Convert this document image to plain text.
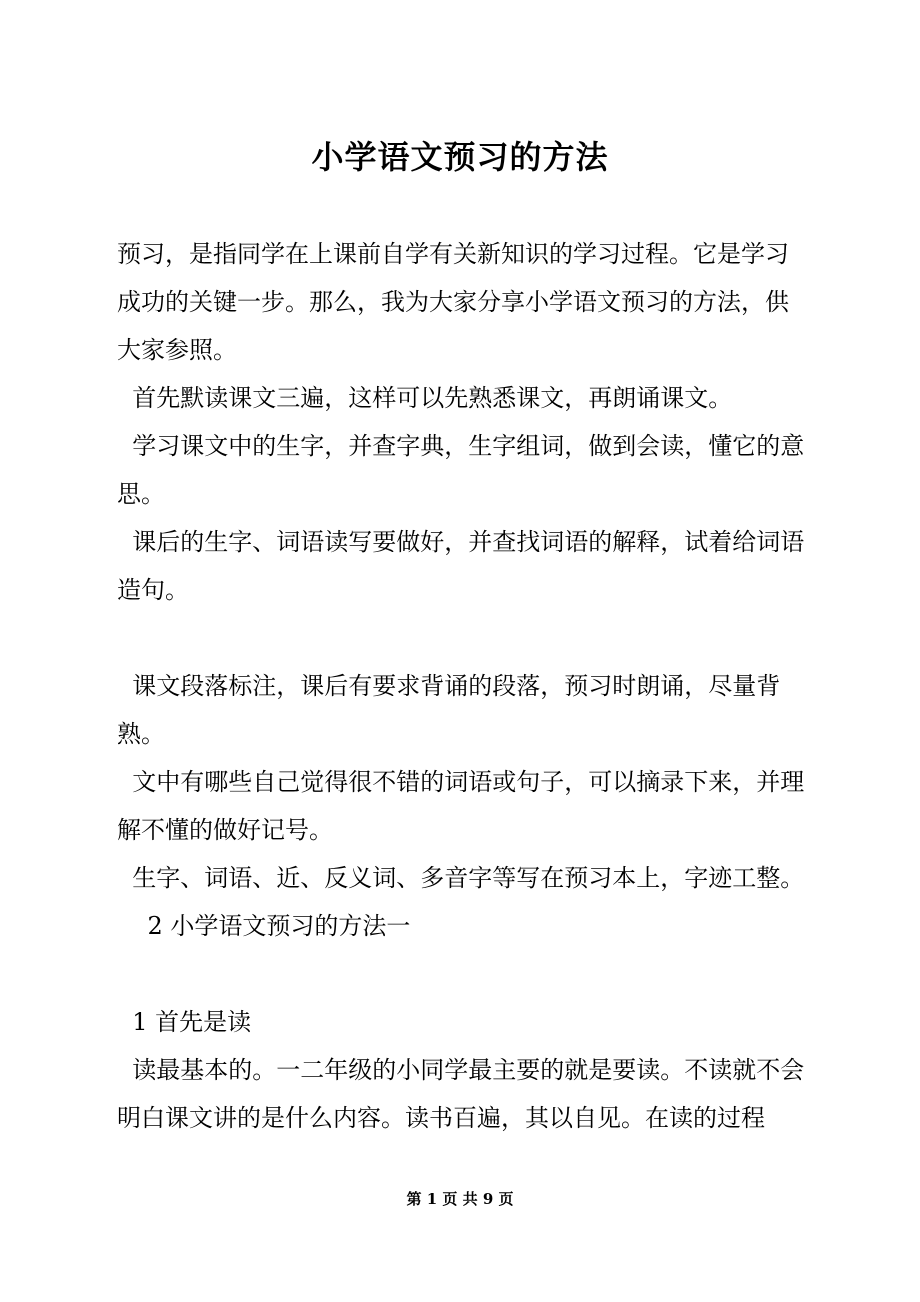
小学语文预习的方法

预习，是指同学在上课前自学有关新知识的学习过程。它是学习成功的关键一步。那么，我为大家分享小学语文预习的方法，供大家参照。

首先默读课文三遍，这样可以先熟悉课文，再朗诵课文。

学习课文中的生字，并查字典，生字组词，做到会读，懂它的意思。

课后的生字、词语读写要做好，并查找词语的解释，试着给词语造句。

课文段落标注，课后有要求背诵的段落，预习时朗诵，尽量背熟。

文中有哪些自己觉得很不错的词语或句子，可以摘录下来，并理解不懂的做好记号。

生字、词语、近、反义词、多音字等写在预习本上，字迹工整。

2 小学语文预习的方法一

1 首先是读

读最基本的。一二年级的小同学最主要的就是要读。不读就不会明白课文讲的是什么内容。读书百遍，其以自见。在读的过程

第 1 页 共 9 页
